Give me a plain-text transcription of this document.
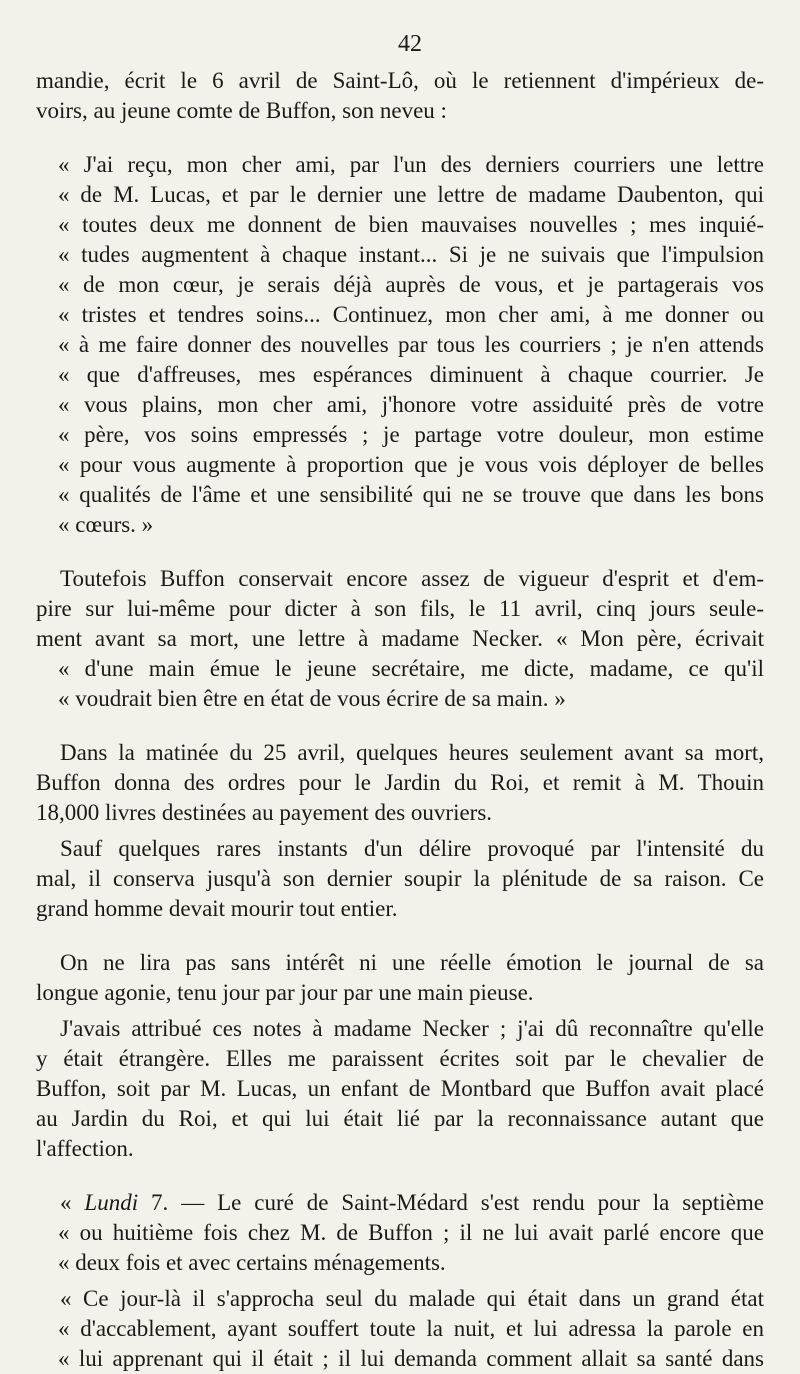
42
mandie, écrit le 6 avril de Saint-Lô, où le retiennent d'impérieux de-
voirs, au jeune comte de Buffon, son neveu :
« J'ai reçu, mon cher ami, par l'un des derniers courriers une lettre
« de M. Lucas, et par le dernier une lettre de madame Daubenton, qui
« toutes deux me donnent de bien mauvaises nouvelles ; mes inquié-
« tudes augmentent à chaque instant... Si je ne suivais que l'impulsion
« de mon cœur, je serais déjà auprès de vous, et je partagerais vos
« tristes et tendres soins... Continuez, mon cher ami, à me donner ou
« à me faire donner des nouvelles par tous les courriers ; je n'en attends
« que d'affreuses, mes espérances diminuent à chaque courrier. Je
« vous plains, mon cher ami, j'honore votre assiduité près de votre
« père, vos soins empressés ; je partage votre douleur, mon estime
« pour vous augmente à proportion que je vous vois déployer de belles
« qualités de l'âme et une sensibilité qui ne se trouve que dans les bons
« cœurs. »
Toutefois Buffon conservait encore assez de vigueur d'esprit et d'em-
pire sur lui-même pour dicter à son fils, le 11 avril, cinq jours seule-
ment avant sa mort, une lettre à madame Necker. « Mon père, écrivait
« d'une main émue le jeune secrétaire, me dicte, madame, ce qu'il
« voudrait bien être en état de vous écrire de sa main. »
Dans la matinée du 25 avril, quelques heures seulement avant sa mort,
Buffon donna des ordres pour le Jardin du Roi, et remit à M. Thouin
18,000 livres destinées au payement des ouvriers.
Sauf quelques rares instants d'un délire provoqué par l'intensité du
mal, il conserva jusqu'à son dernier soupir la plénitude de sa raison. Ce
grand homme devait mourir tout entier.
On ne lira pas sans intérêt ni une réelle émotion le journal de sa
longue agonie, tenu jour par jour par une main pieuse.
J'avais attribué ces notes à madame Necker ; j'ai dû reconnaître qu'elle
y était étrangère. Elles me paraissent écrites soit par le chevalier de
Buffon, soit par M. Lucas, un enfant de Montbard que Buffon avait placé
au Jardin du Roi, et qui lui était lié par la reconnaissance autant que
l'affection.
« Lundi 7. — Le curé de Saint-Médard s'est rendu pour la septième
« ou huitième fois chez M. de Buffon ; il ne lui avait parlé encore que
« deux fois et avec certains ménagements.
« Ce jour-là il s'approcha seul du malade qui était dans un grand état
« d'accablement, ayant souffert toute la nuit, et lui adressa la parole en
« lui apprenant qui il était ; il lui demanda comment allait sa santé dans
